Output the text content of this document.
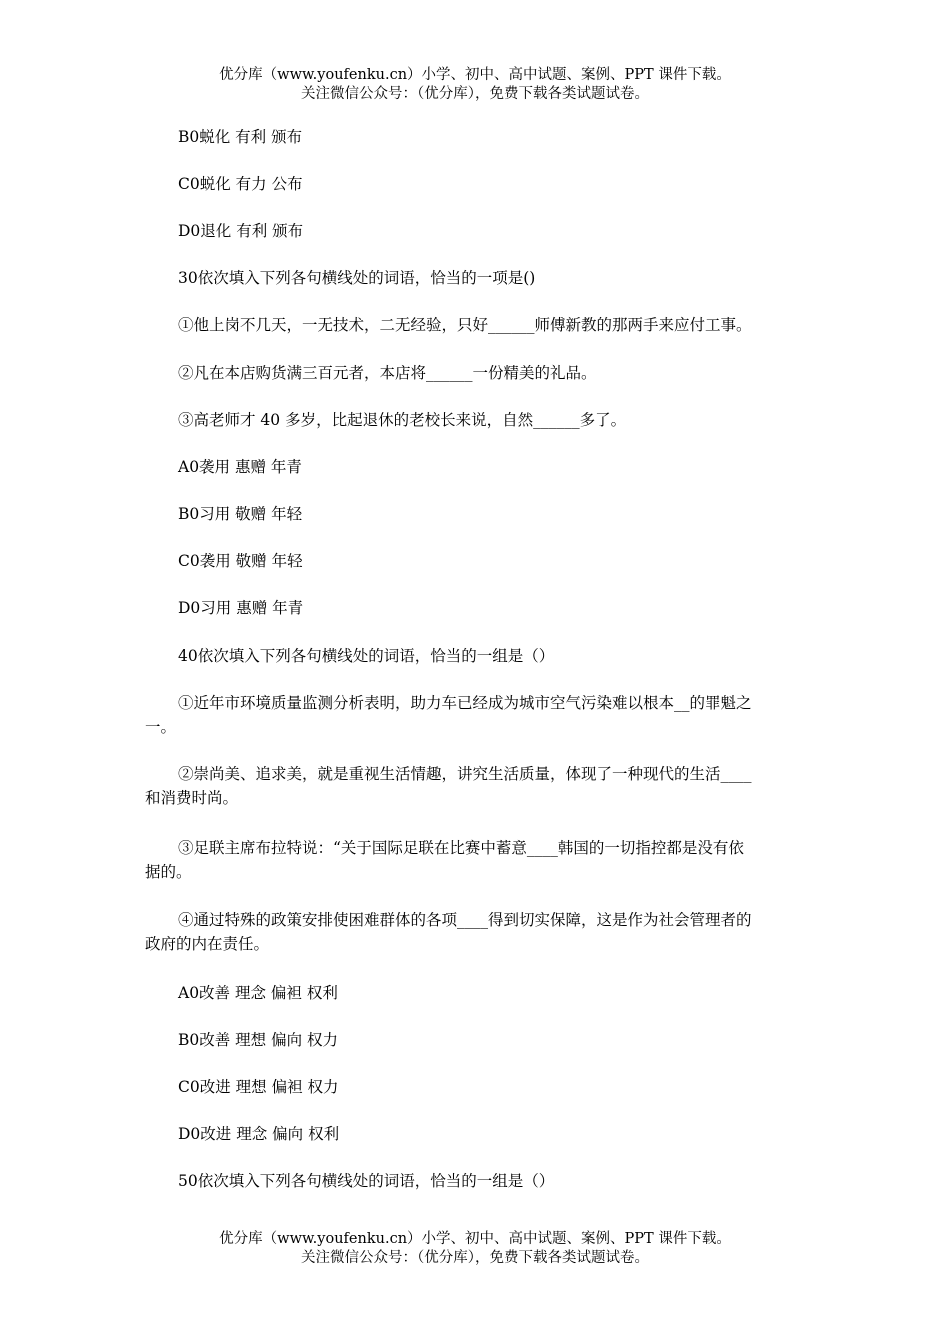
优分库（www.youfenku.cn）小学、初中、高中试题、案例、PPT 课件下载。
关注微信公众号：（优分库），免费下载各类试题试卷。
B0蜕化 有利 颁布
C0蜕化 有力 公布
D0退化 有利 颁布
30依次填入下列各句横线处的词语，恰当的一项是()
①他上岗不几天，一无技术，二无经验，只好______师傅新教的那两手来应付工事。
②凡在本店购货满三百元者，本店将______一份精美的礼品。
③高老师才 40 多岁，比起退休的老校长来说，自然______多了。
A0袭用 惠赠 年青
B0习用 敬赠 年轻
C0袭用 敬赠 年轻
D0习用 惠赠 年青
40依次填入下列各句横线处的词语，恰当的一组是（）
①近年市环境质量监测分析表明，助力车已经成为城市空气污染难以根本__的罪魁之
一。
②崇尚美、追求美，就是重视生活情趣，讲究生活质量，体现了一种现代的生活____
和消费时尚。
③足联主席布拉特说：“关于国际足联在比赛中蓄意____韩国的一切指控都是没有依
据的。
④通过特殊的政策安排使困难群体的各项____得到切实保障，这是作为社会管理者的
政府的内在责任。
A0改善 理念 偏袒 权利
B0改善 理想 偏向 权力
C0改进 理想 偏袒 权力
D0改进 理念 偏向 权利
50依次填入下列各句横线处的词语，恰当的一组是（）
优分库（www.youfenku.cn）小学、初中、高中试题、案例、PPT 课件下载。
关注微信公众号：（优分库），免费下载各类试题试卷。
